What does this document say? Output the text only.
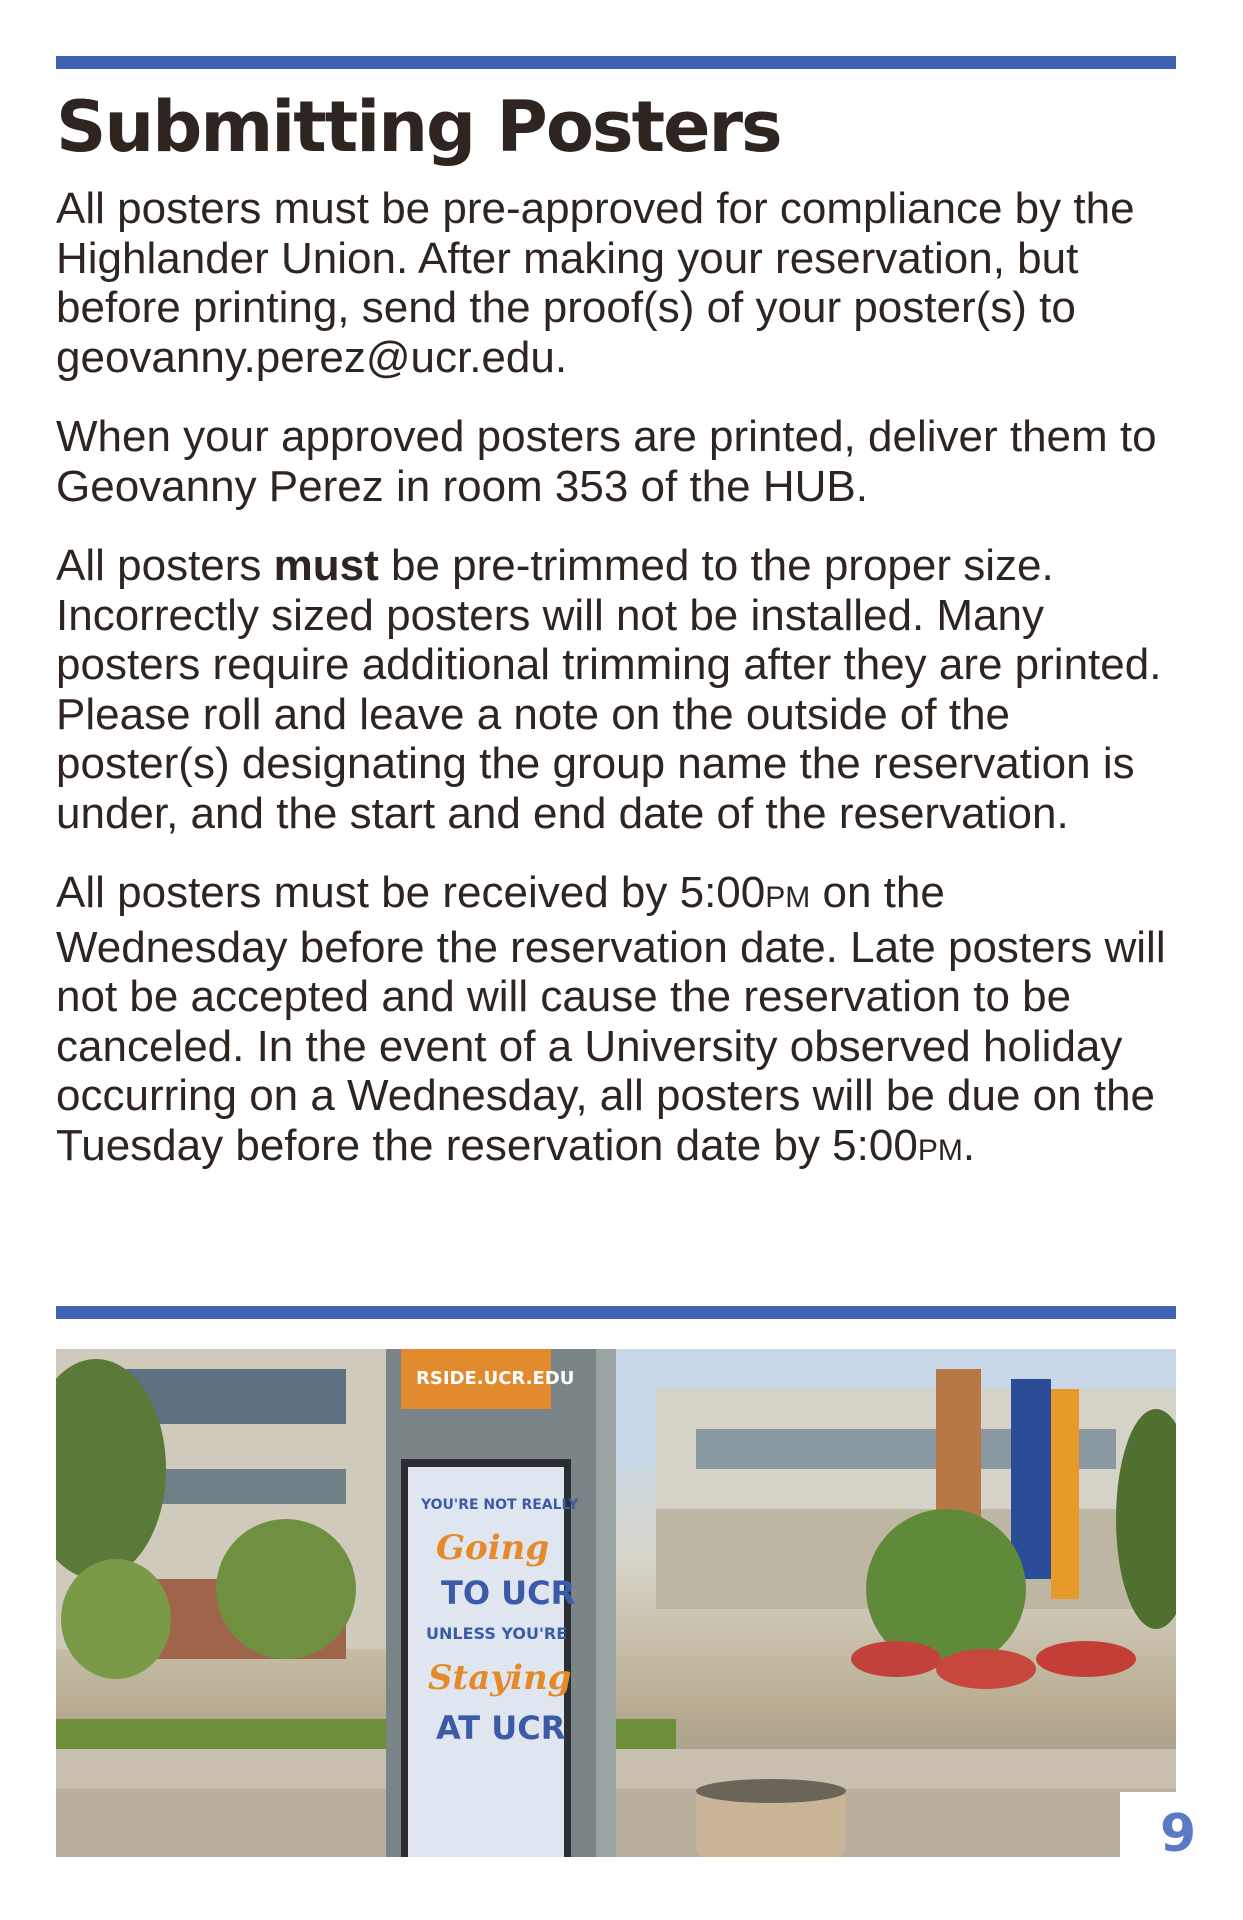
Submitting Posters

All posters must be pre-approved for compliance by the Highlander Union. After making your reservation, but before printing, send the proof(s) of your poster(s) to geovanny.perez@ucr.edu.

When your approved posters are printed, deliver them to Geovanny Perez in room 353 of the HUB.

All posters must be pre-trimmed to the proper size. Incorrectly sized posters will not be installed. Many posters require additional trimming after they are printed. Please roll and leave a note on the outside of the poster(s) designating the group name the reservation is under, and the start and end date of the reservation.

All posters must be received by 5:00PM on the Wednesday before the reservation date. Late posters will not be accepted and will cause the reservation to be canceled. In the event of a University observed holiday occurring on a Wednesday, all posters will be due on the Tuesday before the reservation date by 5:00PM.

RSIDE.UCR.EDU
YOU'RE NOT REALLY
Going
TO UCR
UNLESS YOU'RE
Staying
AT UCR
9
